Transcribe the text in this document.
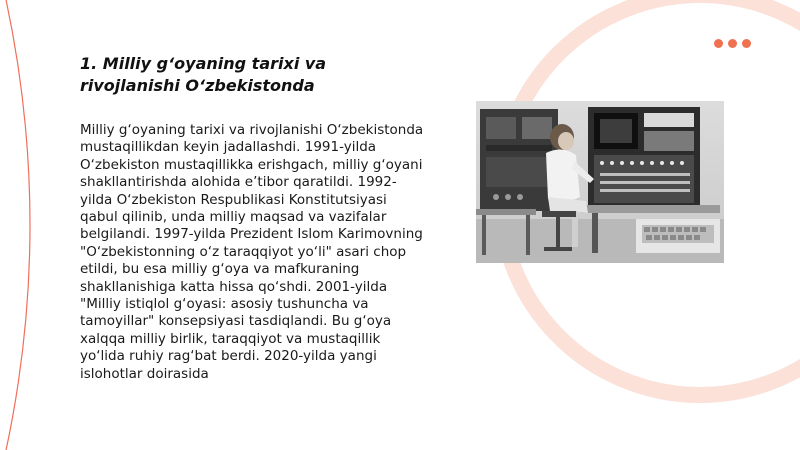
1. Milliy g‘oyaning tarixi va rivojlanishi O‘zbekistonda

Milliy g‘oyaning tarixi va rivojlanishi O‘zbekistonda mustaqillikdan keyin jadallashdi. 1991-yilda O‘zbekiston mustaqillikka erishgach, milliy g‘oyani shakllantirishda alohida e’tibor qaratildi. 1992-yilda O‘zbekiston Respublikasi Konstitutsiyasi qabul qilinib, unda milliy maqsad va vazifalar belgilandi. 1997-yilda Prezident Islom Karimovning "O‘zbekistonning o‘z taraqqiyot yo‘li" asari chop etildi, bu esa milliy g‘oya va mafkuraning shakllanishiga katta hissa qo‘shdi. 2001-yilda "Milliy istiqlol g‘oyasi: asosiy tushuncha va tamoyillar" konsepsiyasi tasdiqlandi. Bu g‘oya xalqqa milliy birlik, taraqqiyot va mustaqillik yo‘lida ruhiy rag‘bat berdi. 2020-yilda yangi islohotlar doirasida
